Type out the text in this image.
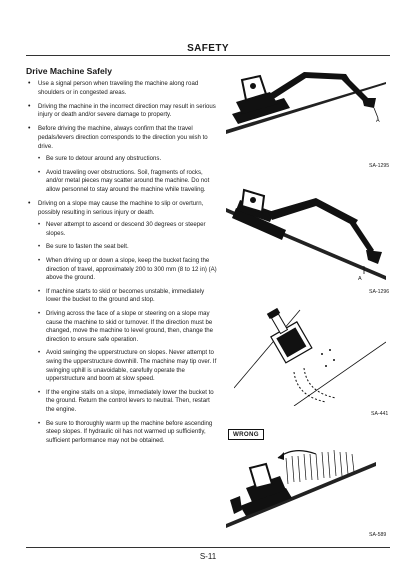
SAFETY
Drive Machine Safely
• Use a signal person when traveling the machine along road shoulders or in congested areas.
• Driving the machine in the incorrect direction may result in serious injury or death and/or severe damage to property.
• Before driving the machine, always confirm that the travel pedals/levers direction corresponds to the direction you wish to drive.
• Be sure to detour around any obstructions.
• Avoid traveling over obstructions. Soil, fragments of rocks, and/or metal pieces may scatter around the machine. Do not allow personnel to stay around the machine while traveling.
• Driving on a slope may cause the machine to slip or overturn, possibly resulting in serious injury or death.
• Never attempt to ascend or descend 30 degrees or steeper slopes.
• Be sure to fasten the seat belt.
• When driving up or down a slope, keep the bucket facing the direction of travel, approximately 200 to 300 mm (8 to 12 in) (A) above the ground.
• If machine starts to skid or becomes unstable, immediately lower the bucket to the ground and stop.
• Driving across the face of a slope or steering on a slope may cause the machine to skid or turnover. If the direction must be changed, move the machine to level ground, then, change the direction to ensure safe operation.
• Avoid swinging the upperstructure on slopes. Never attempt to swing the upperstructure downhill. The machine may tip over. If swinging uphill is unavoidable, carefully operate the upperstructure and boom at slow speed.
• If the engine stalls on a slope, immediately lower the bucket to the ground. Return the control levers to neutral. Then, restart the engine.
• Be sure to thoroughly warm up the machine before ascending steep slopes. If hydraulic oil has not warmed up sufficiently, sufficient performance may not be obtained.
A
SA-1295
A
SA-1296
SA-441
WRONG
SA-589
S-11
